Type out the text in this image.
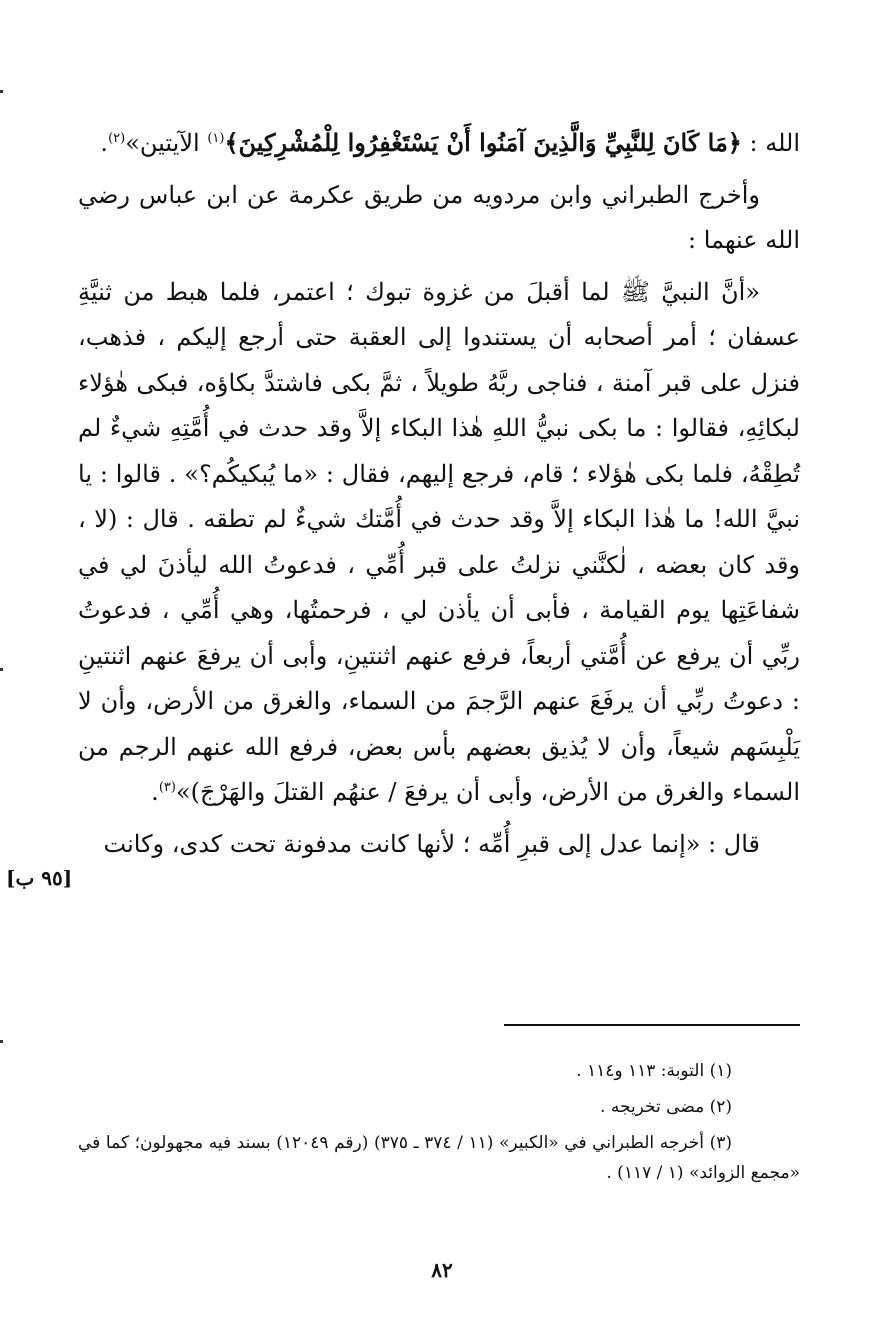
الله : ﴿مَا كَانَ لِلنَّبِيِّ وَالَّذِينَ آمَنُوا أَنْ يَسْتَغْفِرُوا لِلْمُشْرِكِينَ﴾$^{(١)}$ الآيتين»$^{(٢)}$.

وأخرج الطبراني وابن مردويه من طريق عكرمة عن ابن عباس رضي الله عنهما :

«أنَّ النبيَّ ﷺ لما أقبلَ من غزوة تبوك ؛ اعتمر، فلما هبط من ثنيَّةِ عسفان ؛ أمر أصحابه أن يستندوا إلى العقبة حتى أرجع إليكم ، فذهب، فنزل على قبر آمنة ، فناجى ربَّهُ طويلاً ، ثمَّ بكى فاشتدَّ بكاؤه، فبكى هٰؤلاء لبكائِهِ، فقالوا : ما بكى نبيُّ اللهِ هٰذا البكاء إلاَّ وقد حدث في أُمَّتِهِ شيءٌ لم تُطِقْهُ، فلما بكى هٰؤلاء ؛ قام، فرجع إليهم، فقال : «ما يُبكيكُم؟» . قالوا : يا نبيَّ الله! ما هٰذا البكاء إلاَّ وقد حدث في أُمَّتك شيءٌ لم تطقه . قال : (لا ، وقد كان بعضه ، لٰكنَّني نزلتُ على قبر أُمِّي ، فدعوتُ الله ليأذنَ لي في شفاعَتِها يوم القيامة ، فأبى أن يأذن لي ، فرحمتُها، وهي أُمِّي ، فدعوتُ ربِّي أن يرفع عن أُمَّتي أربعاً، فرفع عنهم اثنتينِ، وأبى أن يرفعَ عنهم اثنتينِ : دعوتُ ربِّي أن يرفَعَ عنهم الرَّجمَ من السماء، والغرق من الأرض، وأن لا يَلْبِسَهم شيعاً، وأن لا يُذيق بعضهم بأس بعض، فرفع الله عنهم الرجم من السماء والغرق من الأرض، وأبى أن يرفعَ / عنهُم القتلَ والهَرْجَ)»$^{(٣)}$.

قال : «إنما عدل إلى قبرِ أُمِّه ؛ لأنها كانت مدفونة تحت كدى، وكانت

[٩٥ ب]

(١) التوبة: ١١٣ و١١٤ .

(٢) مضى تخريجه .

(٣) أخرجه الطبراني في «الكبير» (١١ / ٣٧٤ ـ ٣٧٥) (رقم ١٢٠٤٩) بسند فيه مجهولون؛ كما في «مجمع الزوائد» (١ / ١١٧) .

٨٢
